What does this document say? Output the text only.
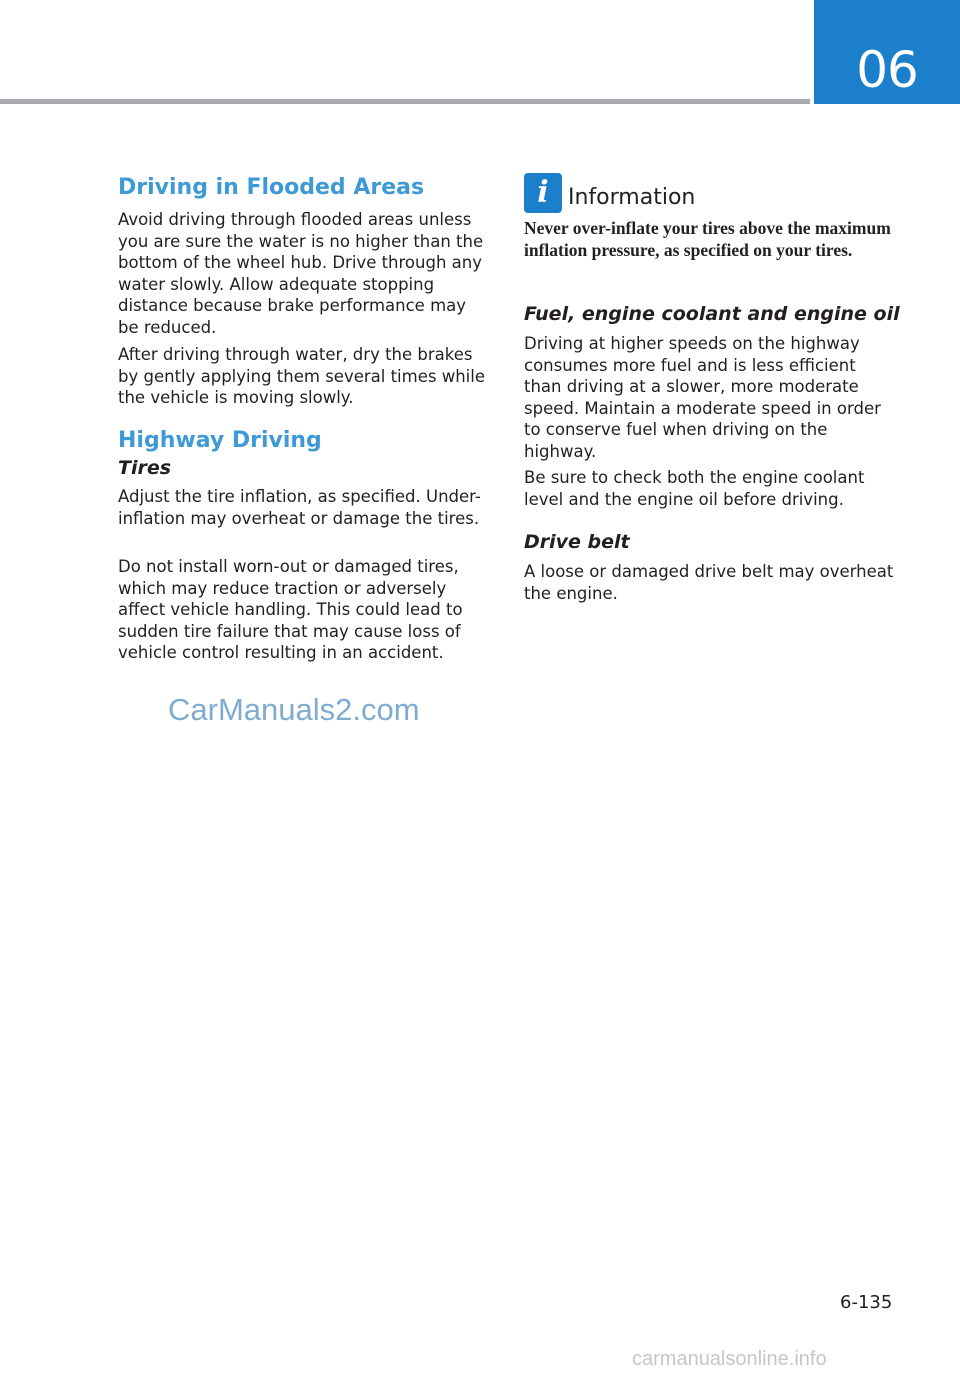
06
Driving in Flooded Areas
Avoid driving through flooded areas unless you are sure the water is no higher than the bottom of the wheel hub. Drive through any water slowly. Allow adequate stopping distance because brake performance may be reduced.
After driving through water, dry the brakes by gently applying them several times while the vehicle is moving slowly.
Highway Driving
Tires
Adjust the tire inflation, as specified. Under-inflation may overheat or damage the tires.
Do not install worn-out or damaged tires, which may reduce traction or adversely affect vehicle handling. This could lead to sudden tire failure that may cause loss of vehicle control resulting in an accident.
i Information
Never over-inflate your tires above the maximum inflation pressure, as specified on your tires.
Fuel, engine coolant and engine oil
Driving at higher speeds on the highway consumes more fuel and is less efficient than driving at a slower, more moderate speed. Maintain a moderate speed in order to conserve fuel when driving on the highway.
Be sure to check both the engine coolant level and the engine oil before driving.
Drive belt
A loose or damaged drive belt may overheat the engine.
CarManuals2.com
6-135
carmanualsonline.info
